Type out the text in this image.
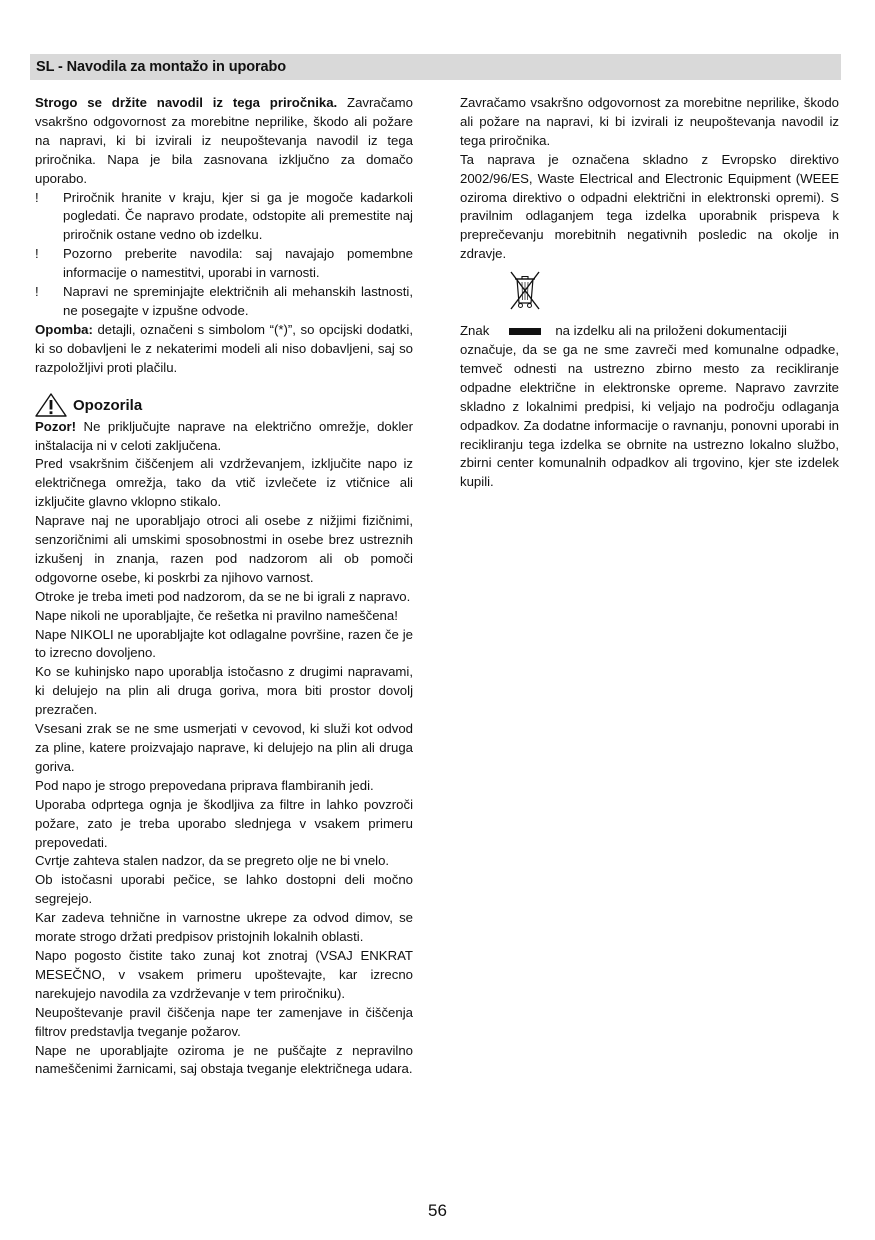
SL - Navodila za montažo in uporabo

Strogo se držite navodil iz tega priročnika. Zavračamo vsakršno odgovornost za morebitne neprilike, škodo ali požare na napravi, ki bi izvirali iz neupoštevanja navodil iz tega priročnika. Napa je bila zasnovana izključno za domačo uporabo.

!	Priročnik hranite v kraju, kjer si ga je mogoče kadarkoli pogledati. Če napravo prodate, odstopite ali premestite naj priročnik ostane vedno ob izdelku.
!	Pozorno preberite navodila: saj navajajo pomembne informacije o namestitvi, uporabi in varnosti.
!	Napravi ne spreminjajte električnih ali mehanskih lastnosti, ne posegajte v izpušne odvode.

Opomba: detajli, označeni s simbolom “(*)”, so opcijski dodatki, ki so dobavljeni le z nekaterimi modeli ali niso dobavljeni, saj so razpoložljivi proti plačilu.

Opozorila

Pozor! Ne priključujte naprave na električno omrežje, dokler inštalacija ni v celoti zaključena.

Pred vsakršnim čiščenjem ali vzdrževanjem, izključite napo iz električnega omrežja, tako da vtič izvlečete iz vtičnice ali izključite glavno vklopno stikalo.

Naprave naj ne uporabljajo otroci ali osebe z nižjimi fizičnimi, senzoričnimi ali umskimi sposobnostmi in osebe brez ustreznih izkušenj in znanja, razen pod nadzorom ali ob pomoči odgovorne osebe, ki poskrbi za njihovo varnost.

Otroke je treba imeti pod nadzorom, da se ne bi igrali z napravo.

Nape nikoli ne uporabljajte, če rešetka ni pravilno nameščena!

Nape NIKOLI ne uporabljajte kot odlagalne površine, razen če je to izrecno dovoljeno.

Ko se kuhinjsko napo uporablja istočasno z drugimi napravami, ki delujejo na plin ali druga goriva, mora biti prostor dovolj prezračen.

Vsesani zrak se ne sme usmerjati v cevovod, ki služi kot odvod za pline, katere proizvajajo naprave, ki delujejo na plin ali druga goriva.

Pod napo je strogo prepovedana priprava flambiranih jedi.

Uporaba odprtega ognja je škodljiva za filtre in lahko povzroči požare, zato je treba uporabo slednjega v vsakem primeru prepovedati.

Cvrtje zahteva stalen nadzor, da se pregreto olje ne bi vnelo.

Ob istočasni uporabi pečice, se lahko dostopni deli močno segrejejo.

Kar zadeva tehnične in varnostne ukrepe za odvod dimov, se morate strogo držati predpisov pristojnih lokalnih oblasti.

Napo pogosto čistite tako zunaj kot znotraj (VSAJ ENKRAT MESEČNO, v vsakem primeru upoštevajte, kar izrecno narekujejo navodila za vzdrževanje v tem priročniku).

Neupoštevanje pravil čiščenja nape ter zamenjave in čiščenja filtrov predstavlja tveganje požarov.

Nape ne uporabljajte oziroma je ne puščajte z nepravilno nameščenimi žarnicami, saj obstaja tveganje električnega udara.

Zavračamo vsakršno odgovornost za morebitne neprilike, škodo ali požare na napravi, ki bi izvirali iz neupoštevanja navodil iz tega priročnika.

Ta naprava je označena skladno z Evropsko direktivo 2002/96/ES, Waste Electrical and Electronic Equipment (WEEE oziroma direktivo o odpadni električni in elektronski opremi). S pravilnim odlaganjem tega izdelka uporabnik prispeva k preprečevanju morebitnih negativnih posledic na okolje in zdravje.

Znak	na izdelku ali na priloženi dokumentaciji

označuje, da se ga ne sme zavreči med komunalne odpadke, temveč odnesti na ustrezno zbirno mesto za recikliranje odpadne električne in elektronske opreme. Napravo zavrzite skladno z lokalnimi predpisi, ki veljajo na področju odlaganja odpadkov. Za dodatne informacije o ravnanju, ponovni uporabi in recikliranju tega izdelka se obrnite na ustrezno lokalno službo, zbirni center komunalnih odpadkov ali trgovino, kjer ste izdelek kupili.

56
